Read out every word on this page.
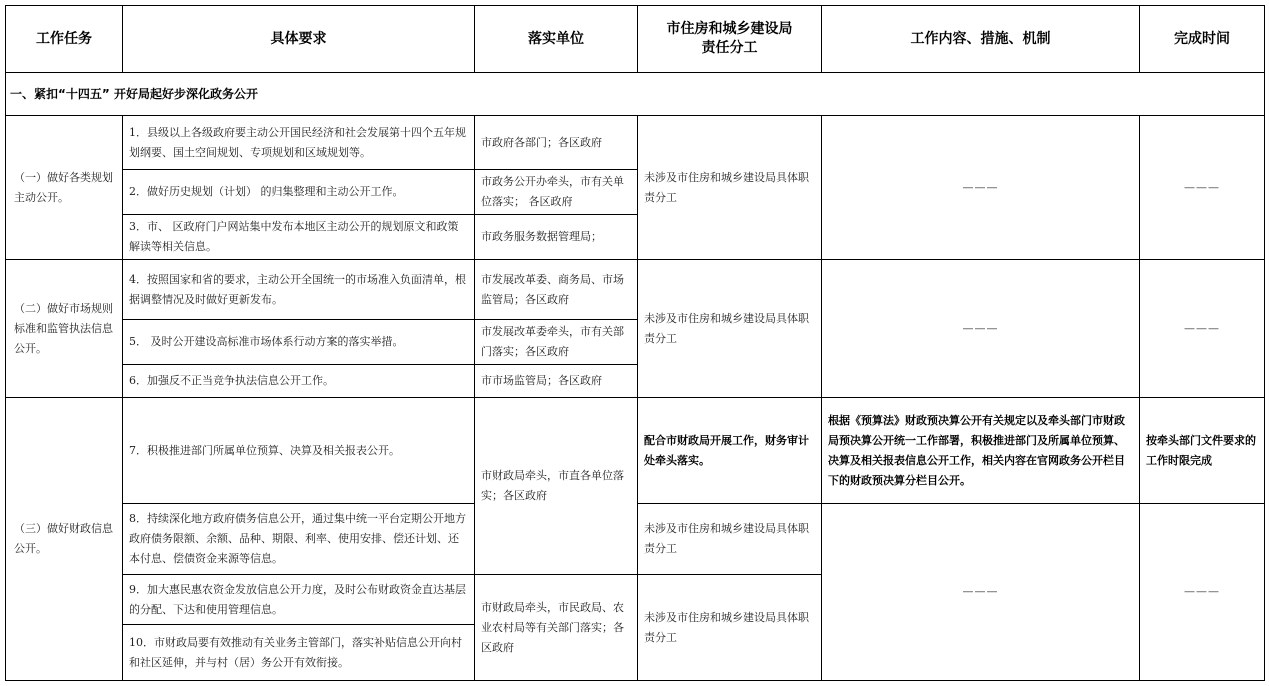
工作任务	具体要求	落实单位	市住房和城乡建设局
责任分工	工作内容、措施、机制	完成时间
一、紧扣“十四五” 开好局起好步深化政务公开					
（一）做好各类规划主动公开。	1．县级以上各级政府要主动公开国民经济和社会发展第十四个五年规划纲要、国土空间规划、专项规划和区域规划等。	市政府各部门；各区政府	未涉及市住房和城乡建设局具体职责分工	———	———
	2．做好历史规划（计划） 的归集整理和主动公开工作。	市政务公开办牵头，市有关单位落实； 各区政府			
	3．市、 区政府门户网站集中发布本地区主动公开的规划原文和政策解读等相关信息。	市政务服务数据管理局；			
（二）做好市场规则标准和监管执法信息公开。	4．按照国家和省的要求，主动公开全国统一的市场准入负面清单，根据调整情况及时做好更新发布。	市发展改革委、商务局、市场监管局；各区政府	未涉及市住房和城乡建设局具体职责分工	———	———
	5． 及时公开建设高标准市场体系行动方案的落实举措。	市发展改革委牵头，市有关部门落实；各区政府			
	6．加强反不正当竞争执法信息公开工作。	市市场监管局；各区政府			
（三）做好财政信息公开。	7．积极推进部门所属单位预算、决算及相关报表公开。	市财政局牵头，市直各单位落实；各区政府	配合市财政局开展工作，财务审计处牵头落实。	根据《预算法》财政预决算公开有关规定以及牵头部门市财政局预决算公开统一工作部署，积极推进部门及所属单位预算、决算及相关报表信息公开工作，相关内容在官网政务公开栏目下的财政预决算分栏目公开。	按牵头部门文件要求的工作时限完成
	8．持续深化地方政府债务信息公开，通过集中统一平台定期公开地方政府债务限额、余额、品种、期限、利率、使用安排、偿还计划、还本付息、偿债资金来源等信息。		未涉及市住房和城乡建设局具体职责分工	———	———
	9．加大惠民惠农资金发放信息公开力度，及时公布财政资金直达基层的分配、下达和使用管理信息。	市财政局牵头，市民政局、农业农村局等有关部门落实；各区政府	未涉及市住房和城乡建设局具体职责分工		
	10．市财政局要有效推动有关业务主管部门，落实补贴信息公开向村和社区延伸，并与村（居）务公开有效衔接。				
